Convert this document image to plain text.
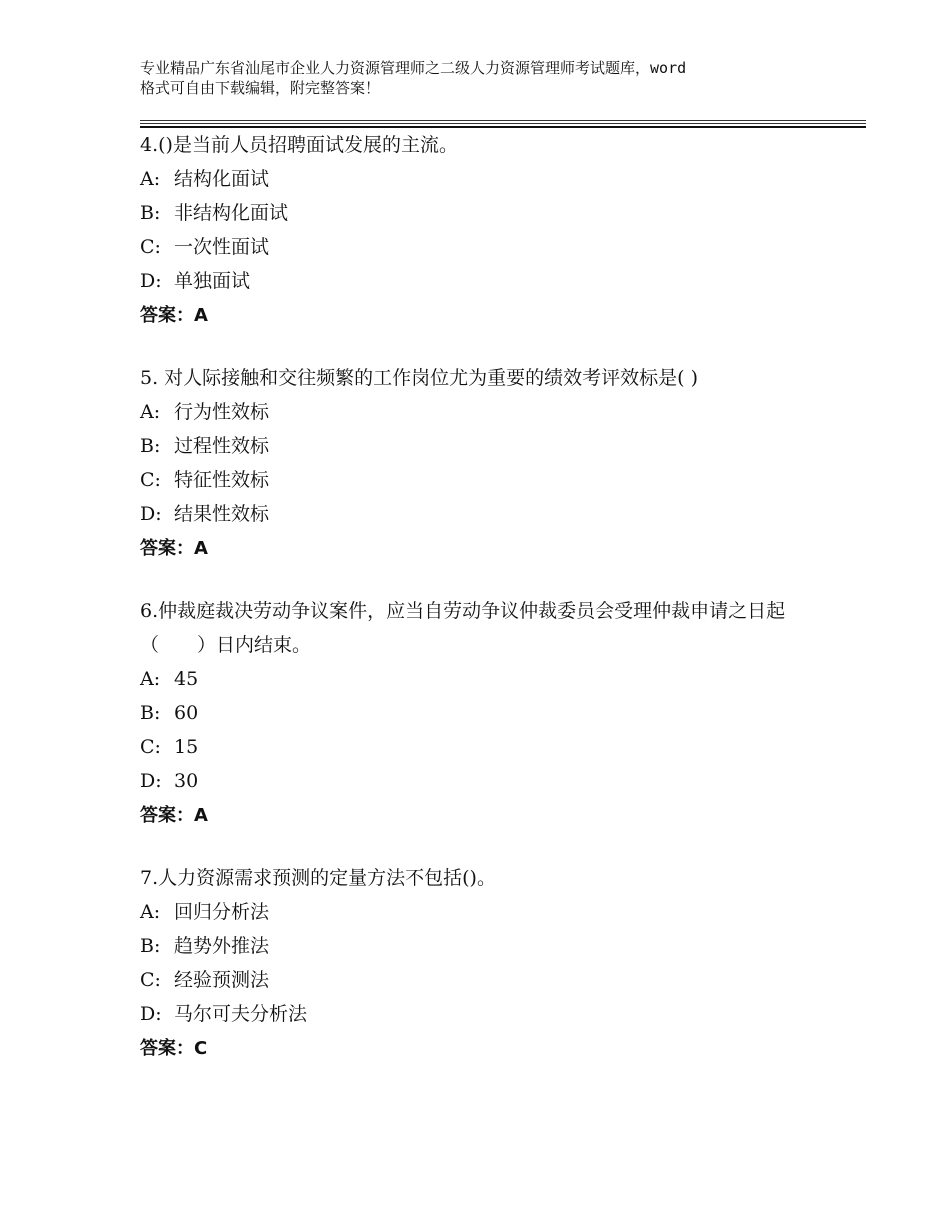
专业精品广东省汕尾市企业人力资源管理师之二级人力资源管理师考试题库，word
格式可自由下载编辑，附完整答案！

4.()是当前人员招聘面试发展的主流。

A: 结构化面试

B: 非结构化面试

C: 一次性面试

D: 单独面试

答案：A

5. 对人际接触和交往频繁的工作岗位尤为重要的绩效考评效标是( )

A: 行为性效标

B: 过程性效标

C: 特征性效标

D: 结果性效标

答案：A

6.仲裁庭裁决劳动争议案件，应当自劳动争议仲裁委员会受理仲裁申请之日起（　　）日内结束。

A: 45

B: 60

C: 15

D: 30

答案：A

7.人力资源需求预测的定量方法不包括()。

A: 回归分析法

B: 趋势外推法

C: 经验预测法

D: 马尔可夫分析法

答案：C
